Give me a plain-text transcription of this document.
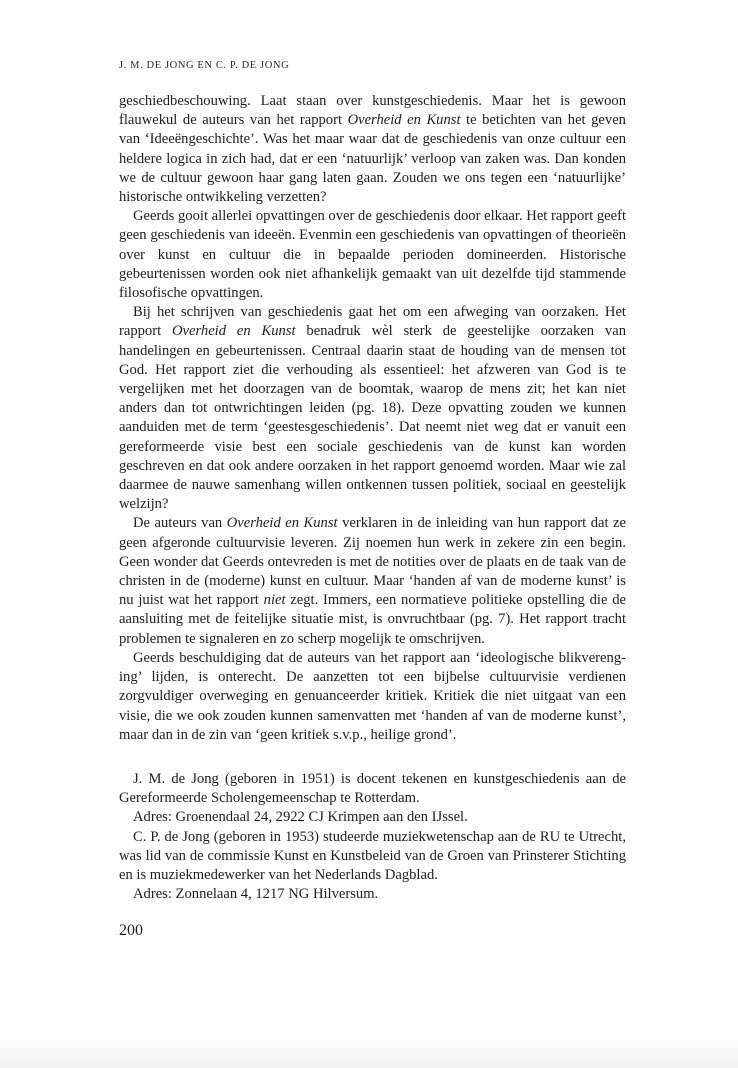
J. M. DE JONG EN C. P. DE JONG

geschiedbeschouwing. Laat staan over kunstgeschiedenis. Maar het is gewoon flauwekul de auteurs van het rapport Overheid en Kunst te betichten van het geven van ‘Ideeëngeschichte’. Was het maar waar dat de geschiedenis van onze cultuur een heldere logica in zich had, dat er een ‘natuurlijk’ verloop van zaken was. Dan konden we de cultuur gewoon haar gang laten gaan. Zouden we ons tegen een ‘natuurlijke’ historische ontwikkeling verzetten?

Geerds gooit allerlei opvattingen over de geschiedenis door elkaar. Het rapport geeft geen geschiedenis van ideeën. Evenmin een geschiedenis van opvattingen of theorieën over kunst en cultuur die in bepaalde perioden domineerden. Historische gebeurtenissen worden ook niet afhankelijk gemaakt van uit dezelfde tijd stammende filosofische opvattingen.

Bij het schrijven van geschiedenis gaat het om een afweging van oorzaken. Het rapport Overheid en Kunst benadruk wèl sterk de geestelijke oorzaken van handelingen en gebeurtenissen. Centraal daarin staat de houding van de mensen tot God. Het rapport ziet die verhouding als essentieel: het afzweren van God is te vergelijken met het doorzagen van de boomtak, waarop de mens zit; het kan niet anders dan tot ontwrichtingen leiden (pg. 18). Deze opvatting zouden we kunnen aanduiden met de term ‘geestesgeschiedenis’. Dat neemt niet weg dat er vanuit een gereformeerde visie best een sociale geschiedenis van de kunst kan worden geschreven en dat ook andere oorzaken in het rapport genoemd worden. Maar wie zal daarmee de nauwe samenhang willen ontkennen tussen politiek, sociaal en geestelijk welzijn?

De auteurs van Overheid en Kunst verklaren in de inleiding van hun rapport dat ze geen afgeronde cultuurvisie leveren. Zij noemen hun werk in zekere zin een begin. Geen wonder dat Geerds ontevreden is met de notities over de plaats en de taak van de christen in de (moderne) kunst en cultuur. Maar ‘handen af van de moderne kunst’ is nu juist wat het rapport niet zegt. Immers, een normatieve politieke opstelling die de aansluiting met de feitelijke situatie mist, is onvruchtbaar (pg. 7). Het rapport tracht problemen te signaleren en zo scherp mogelijk te omschrijven.

Geerds beschuldiging dat de auteurs van het rapport aan ‘ideologische blikverenging’ lijden, is onterecht. De aanzetten tot een bijbelse cultuurvisie verdienen zorgvuldiger overweging en genuanceerder kritiek. Kritiek die niet uitgaat van een visie, die we ook zouden kunnen samenvatten met ‘handen af van de moderne kunst’, maar dan in de zin van ‘geen kritiek s.v.p., heilige grond’.

J. M. de Jong (geboren in 1951) is docent tekenen en kunstgeschiedenis aan de Gereformeerde Scholengemeenschap te Rotterdam.

Adres: Groenendaal 24, 2922 CJ Krimpen aan den IJssel.

C. P. de Jong (geboren in 1953) studeerde muziekwetenschap aan de RU te Utrecht, was lid van de commissie Kunst en Kunstbeleid van de Groen van Prinsterer Stichting en is muziekmedewerker van het Nederlands Dagblad.

Adres: Zonnelaan 4, 1217 NG Hilversum.

200
